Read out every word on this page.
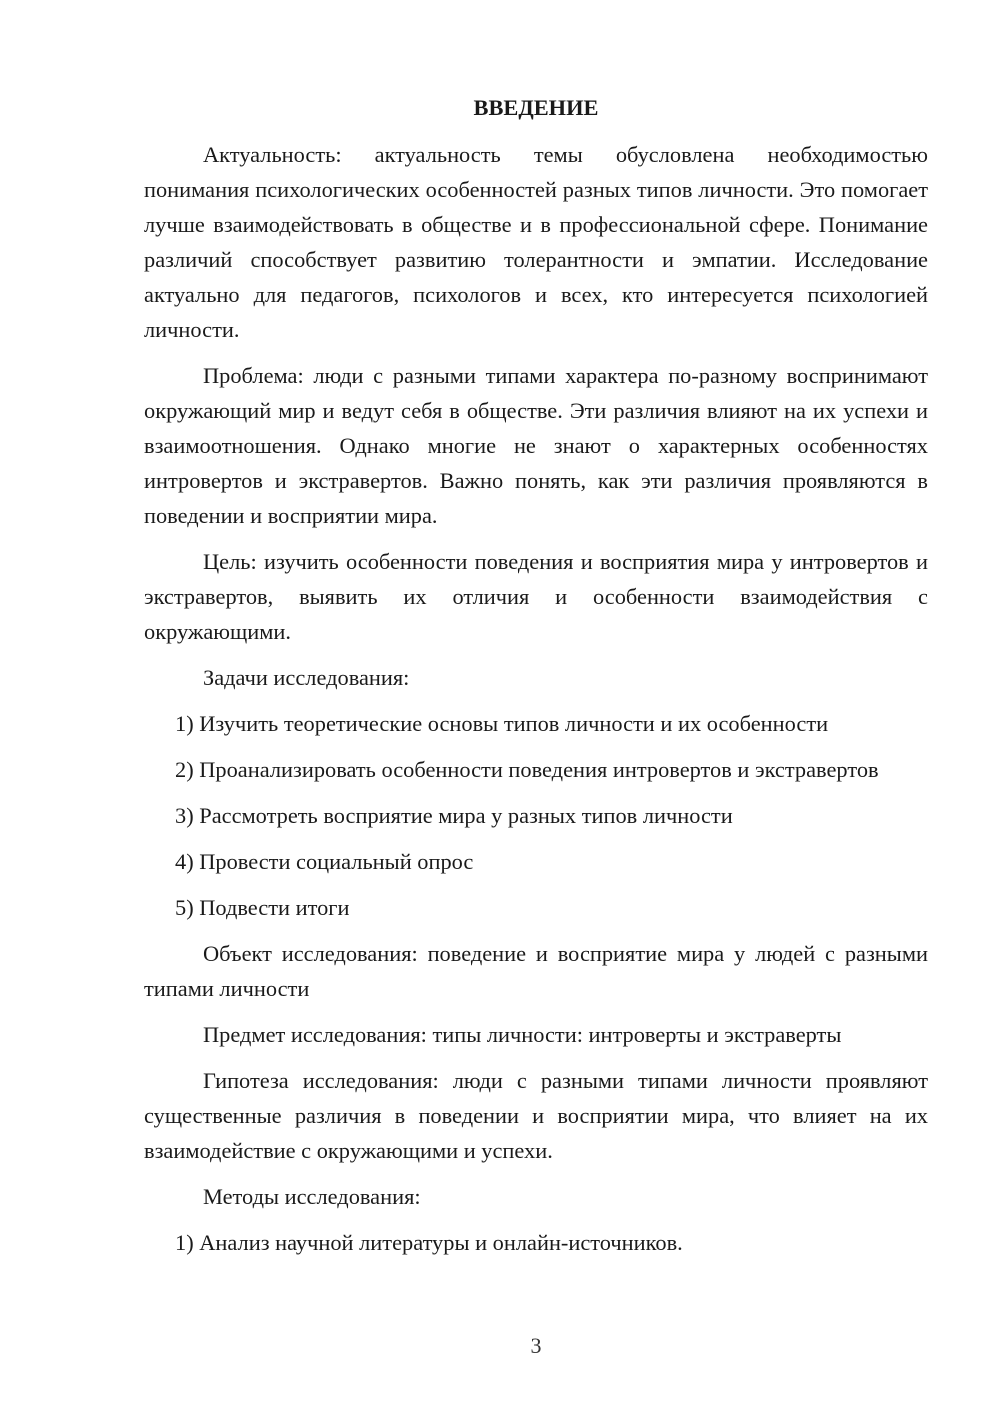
ВВЕДЕНИЕ

Актуальность: актуальность темы обусловлена необходимостью понимания психологических особенностей разных типов личности. Это помогает лучше взаимодействовать в обществе и в профессиональной сфере. Понимание различий способствует развитию толерантности и эмпатии. Исследование актуально для педагогов, психологов и всех, кто интересуется психологией личности.

Проблема: люди с разными типами характера по-разному воспринимают окружающий мир и ведут себя в обществе. Эти различия влияют на их успехи и взаимоотношения. Однако многие не знают о характерных особенностях интровертов и экстравертов. Важно понять, как эти различия проявляются в поведении и восприятии мира.

Цель: изучить особенности поведения и восприятия мира у интровертов и экстравертов, выявить их отличия и особенности взаимодействия с окружающими.

Задачи исследования:

1) Изучить теоретические основы типов личности и их особенности

2) Проанализировать особенности поведения интровертов и экстравертов

3) Рассмотреть восприятие мира у разных типов личности

4) Провести социальный опрос

5) Подвести итоги

Объект исследования: поведение и восприятие мира у людей с разными типами личности

Предмет исследования: типы личности: интроверты и экстраверты

Гипотеза исследования: люди с разными типами личности проявляют существенные различия в поведении и восприятии мира, что влияет на их взаимодействие с окружающими и успехи.

Методы исследования:

1) Анализ научной литературы и онлайн-источников.

3
